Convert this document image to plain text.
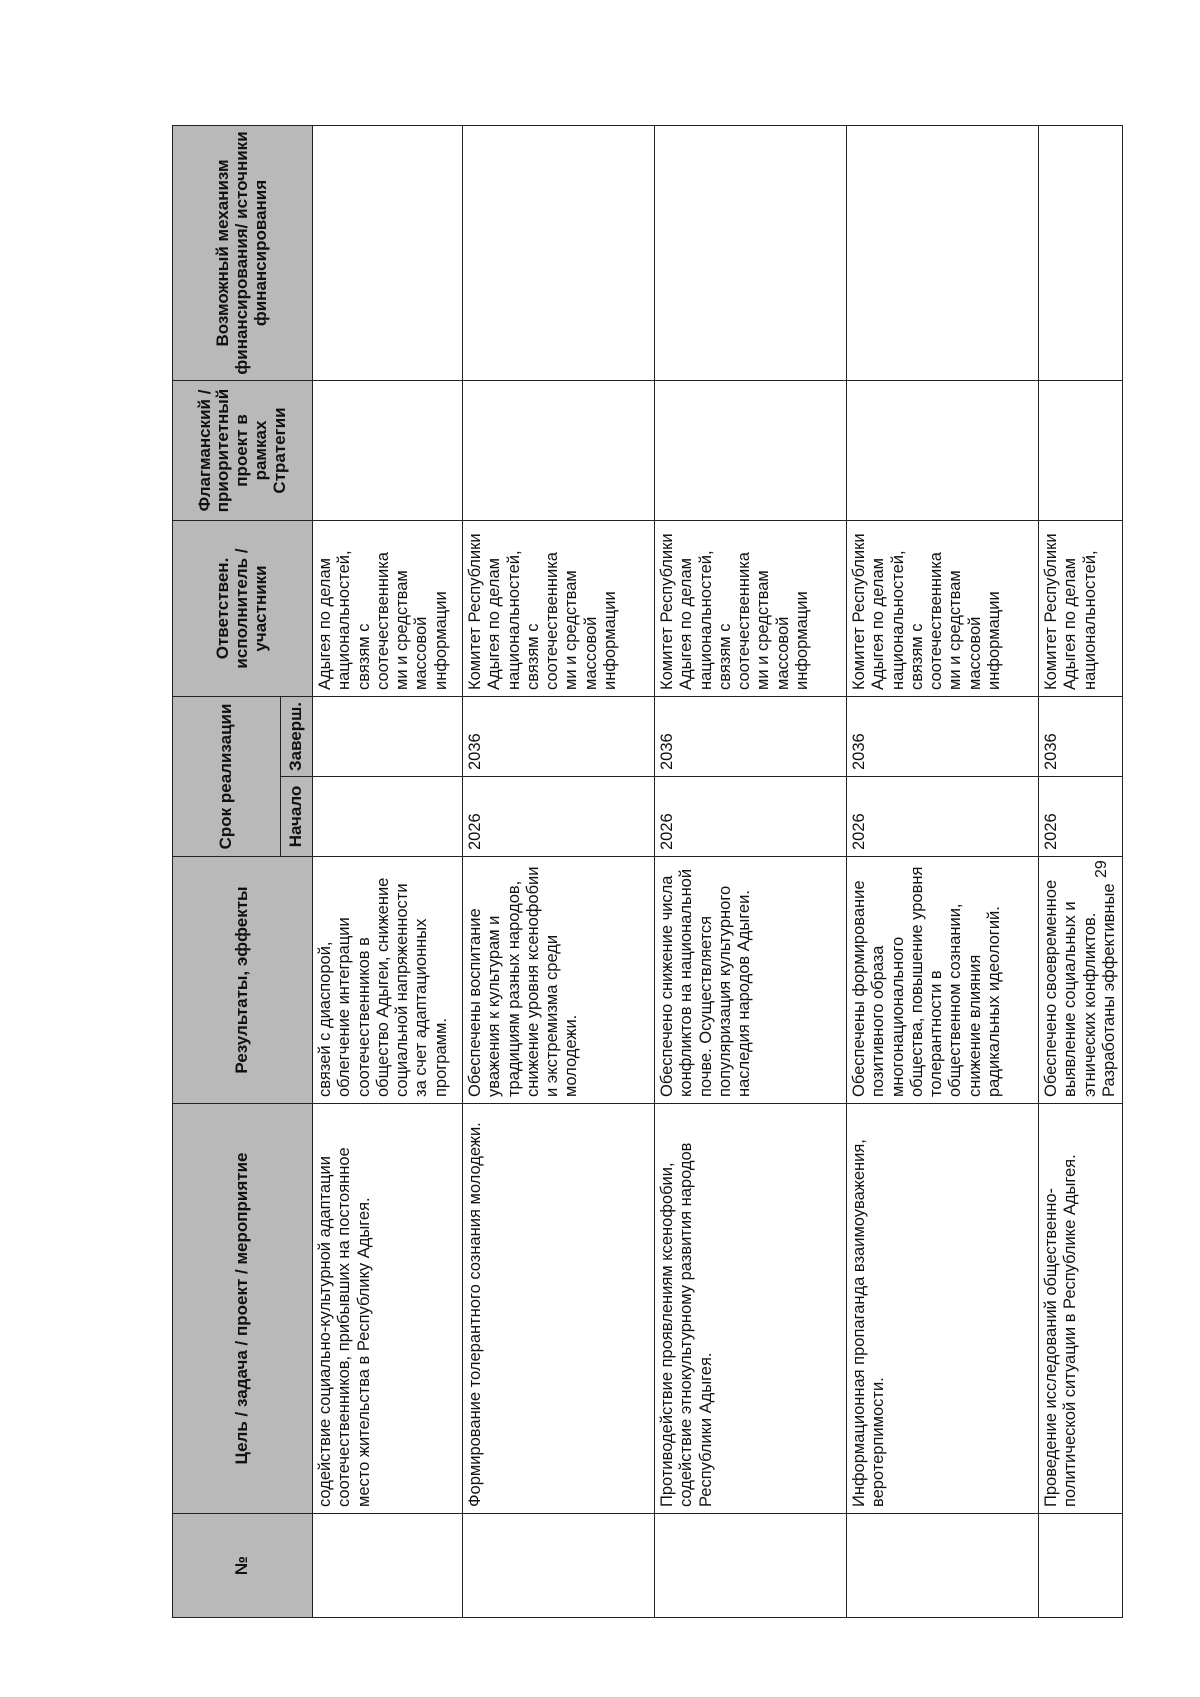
№	Цель / задача / проект / мероприятие	Результаты, эффекты	Срок реализации		Ответствен. исполнитель / участники	Флагманский / приоритетный проект в рамках Стратегии	Возможный механизм финансирования/ источники финансирования
			Начало	Заверш.			
	содействие социально-культурной адаптации соотечественников, прибывших на постоянное место жительства в Республику Адыгея.	связей с диаспорой, облегчение интеграции соотечественников в общество Адыгеи, снижение социальной напряженности за счет адаптационных программ.			Адыгея по делам национальностей, связям с соотечественника ми и средствам массовой информации		
	Формирование толерантного сознания молодежи.	Обеспечены воспитание уважения к культурам и традициям разных народов, снижение уровня ксенофобии и экстремизма среди молодежи.	2026	2036	Комитет Республики Адыгея по делам национальностей, связям с соотечественника ми и средствам массовой информации		
	Противодействие проявлениям ксенофобии, содействие этнокультурному развития народов Республики Адыгея.	Обеспечено снижение числа конфликтов на национальной почве. Осуществляется популяризация культурного наследия народов Адыгеи.	2026	2036	Комитет Республики Адыгея по делам национальностей, связям с соотечественника ми и средствам массовой информации		
	Информационная пропаганда взаимоуважения, веротерпимости.	Обеспечены формирование позитивного образа многонационального общества, повышение уровня толерантности в общественном сознании, снижение влияния радикальных идеологий.	2026	2036	Комитет Республики Адыгея по делам национальностей, связям с соотечественника ми и средствам массовой информации		
	Проведение исследований общественно-политической ситуации в Республике Адыгея.	Обеспечено своевременное выявление социальных и этнических конфликтов. Разработаны эффективные	2026	2036	Комитет Республики Адыгея по делам национальностей,		
29
